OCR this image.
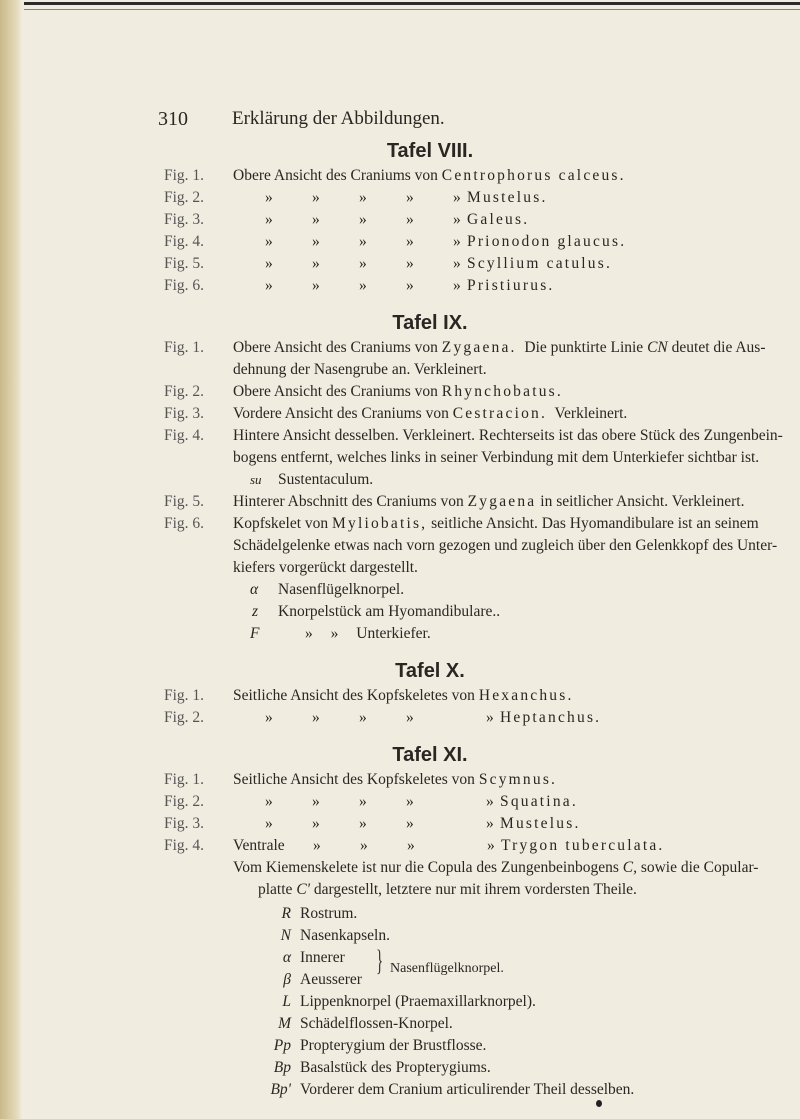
310 Erklärung der Abbildungen.
Tafel VIII.
Fig. 1.	Obere Ansicht des Craniums von Centrophorus calceus.
Fig. 2.	»	»	»	»	» Mustelus.
Fig. 3.	»	»	»	»	» Galeus.
Fig. 4.	»	»	»	»	» Prionodon glaucus.
Fig. 5.	»	»	»	»	» Scyllium catulus.
Fig. 6.	»	»	»	»	» Pristiurus.
Tafel IX.
Fig. 1.	Obere Ansicht des Craniums von Zygaena. Die punktirte Linie CN deutet die Aus-
dehnung der Nasengrube an. Verkleinert.
Fig. 2.	Obere Ansicht des Craniums von Rhynchobatus.
Fig. 3.	Vordere Ansicht des Craniums von Cestracion. Verkleinert.
Fig. 4.	Hintere Ansicht desselben. Verkleinert. Rechterseits ist das obere Stück des Zungenbein-
bogens entfernt, welches links in seiner Verbindung mit dem Unterkiefer sichtbar ist.
su	Sustentaculum.
Fig. 5.	Hinterer Abschnitt des Craniums von Zygaena in seitlicher Ansicht. Verkleinert.
Fig. 6.	Kopfskelet von Myliobatis, seitliche Ansicht. Das Hyomandibulare ist an seinem
Schädelgelenke etwas nach vorn gezogen und zugleich über den Gelenkkopf des Unter-
kiefers vorgerückt dargestellt.
α	Nasenflügelknorpel.
z	Knorpelstück am Hyomandibulare..
F	» » Unterkiefer.
Tafel X.
Fig. 1.	Seitliche Ansicht des Kopfskeletes von Hexanchus.
Fig. 2.	»	»	»	»	» Heptanchus.
Tafel XI.
Fig. 1.	Seitliche Ansicht des Kopfskeletes von Scymnus.
Fig. 2.	»	»	»	»	» Squatina.
Fig. 3.	»	»	»	»	» Mustelus.
Fig. 4.	Ventrale »	»	»	» Trygon tuberculata.
Vom Kiemenskelete ist nur die Copula des Zungenbeinbogens C, sowie die Copular-
platte C' dargestellt, letztere nur mit ihrem vordersten Theile.
R Rostrum.
N Nasenkapseln.
α Innerer
β Aeusserer
} Nasenflügelknorpel.
L Lippenknorpel (Praemaxillarknorpel).
M Schädelflossen-Knorpel.
Pp Propterygium der Brustflosse.
Bp Basalstück des Propterygiums.
Bp' Vorderer dem Cranium articulirender Theil desselben.
